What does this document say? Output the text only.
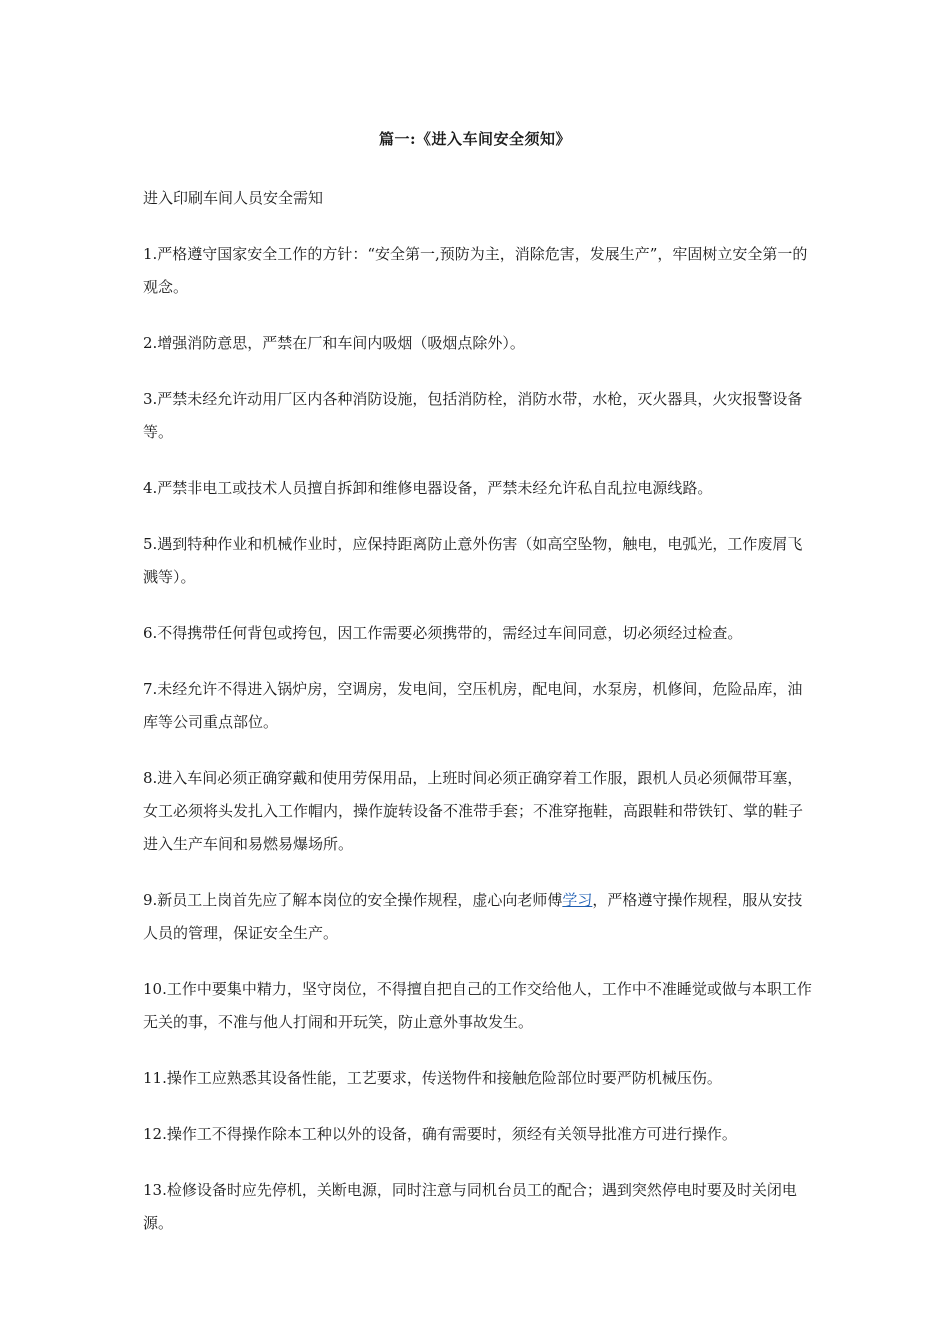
篇一:《进入车间安全须知》

进入印刷车间人员安全需知

1.严格遵守国家安全工作的方针：“安全第一,预防为主，消除危害，发展生产”，牢固树立安全第一的观念。

2.增强消防意思，严禁在厂和车间内吸烟（吸烟点除外）。

3.严禁未经允许动用厂区内各种消防设施，包括消防栓，消防水带，水枪，灭火器具，火灾报警设备等。

4.严禁非电工或技术人员擅自拆卸和维修电器设备，严禁未经允许私自乱拉电源线路。

5.遇到特种作业和机械作业时，应保持距离防止意外伤害（如高空坠物，触电，电弧光，工作废屑飞溅等）。

6.不得携带任何背包或挎包，因工作需要必须携带的，需经过车间同意，切必须经过检查。

7.未经允许不得进入锅炉房，空调房，发电间，空压机房，配电间，水泵房，机修间，危险品库，油库等公司重点部位。

8.进入车间必须正确穿戴和使用劳保用品，上班时间必须正确穿着工作服，跟机人员必须佩带耳塞，女工必须将头发扎入工作帽内，操作旋转设备不准带手套；不准穿拖鞋，高跟鞋和带铁钉、掌的鞋子进入生产车间和易燃易爆场所。

9.新员工上岗首先应了解本岗位的安全操作规程，虚心向老师傅学习，严格遵守操作规程，服从安技人员的管理，保证安全生产。

10.工作中要集中精力，坚守岗位，不得擅自把自己的工作交给他人，工作中不准睡觉或做与本职工作无关的事，不准与他人打闹和开玩笑，防止意外事故发生。

11.操作工应熟悉其设备性能，工艺要求，传送物件和接触危险部位时要严防机械压伤。

12.操作工不得操作除本工种以外的设备，确有需要时，须经有关领导批准方可进行操作。

13.检修设备时应先停机，关断电源，同时注意与同机台员工的配合；遇到突然停电时要及时关闭电源。
